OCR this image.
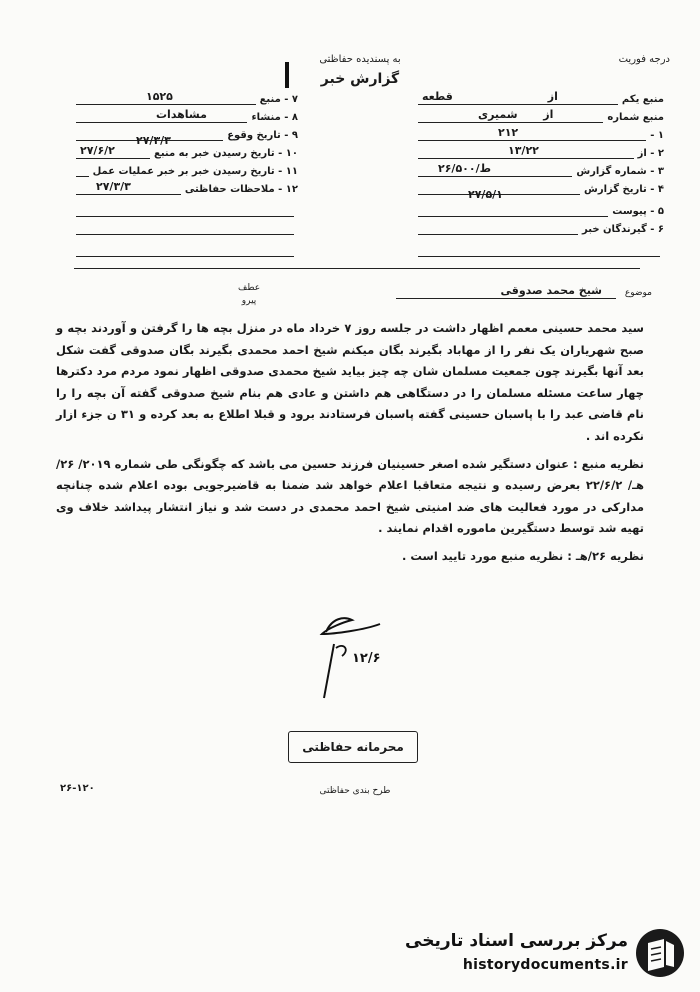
درجه فوریت
به پسندیده حفاظتی
گزارش خبر
منبع یکم
از
قطعه
منبع شماره
از
شمیری
۱ -
۲۱۲
۲ - از
۱۳/۲۲
۳ - شماره گزارش
۲۶/۵۰۰/ط
۴ - تاریخ گزارش
۲۷/۵/۱
۵ - پیوست
۶ - گیرندگان خبر
۷ - منبع
۱۵۲۵
۸ - منشاء
مشاهدات
۹ - تاریخ وقوع
۲۷/۳/۳
۱۰ - تاریخ رسیدن خبر به منبع
۲۷/۶/۲
۱۱ - تاریخ رسیدن خبر بر خبر عملیات عمل
۱۲ - ملاحظات حفاظتی
۲۷/۳/۳
موضوع
شیخ محمد صدوقی
عطف
پیرو

سید محمد حسینی معمم اظهار داشت در جلسه روز ۷ خرداد ماه در منزل بچه ها را گرفتن و آوردند بچه و صبح شهریاران یک نفر را از مهاباد بگیرند بگان میکنم شیخ احمد محمدی بگیرند بگان صدوقی گفت شکل بعد آنها بگیرند چون جمعیت مسلمان شان چه چیز بیاید شیخ محمدی صدوقی اظهار نمود مردم مرد دکترها چهار ساعت مسئله مسلمان را در دستگاهی هم داشتن و عادی هم بنام شیخ صدوقی گفته آن بچه را را نام قاضی عبد را با پاسبان حسینی گفته پاسبان فرستادند برود و قبلا اطلاع به بعد کرده و ۳۱ ن جزء ازار نکرده اند .

نظریه منبع : عنوان دستگیر شده اصغر حسینیان فرزند حسین می باشد که چگونگی طی شماره ۲۰۱۹/ ۲۶/ هـ/ ۲۲/۶/۲ بعرض رسیده و نتیجه متعاقبا اعلام خواهد شد ضمنا به قاضیرجویی بوده اعلام شده چنانچه مدارکی در مورد فعالیت های ضد امنیتی شیخ احمد محمدی در دست شد و نیاز انتشار پیداشد خلاف وی تهیه شد توسط دستگیرین ماموره اقدام نمایند .

نظریه ۲۶/هـ : نظریه منبع مورد تایید است .

۱۲/۶
محرمانه حفاظتی
طرح بندی حفاظتی
۲۶-۱۲۰
مرکز بررسی اسناد تاریخی
historydocuments.ir
